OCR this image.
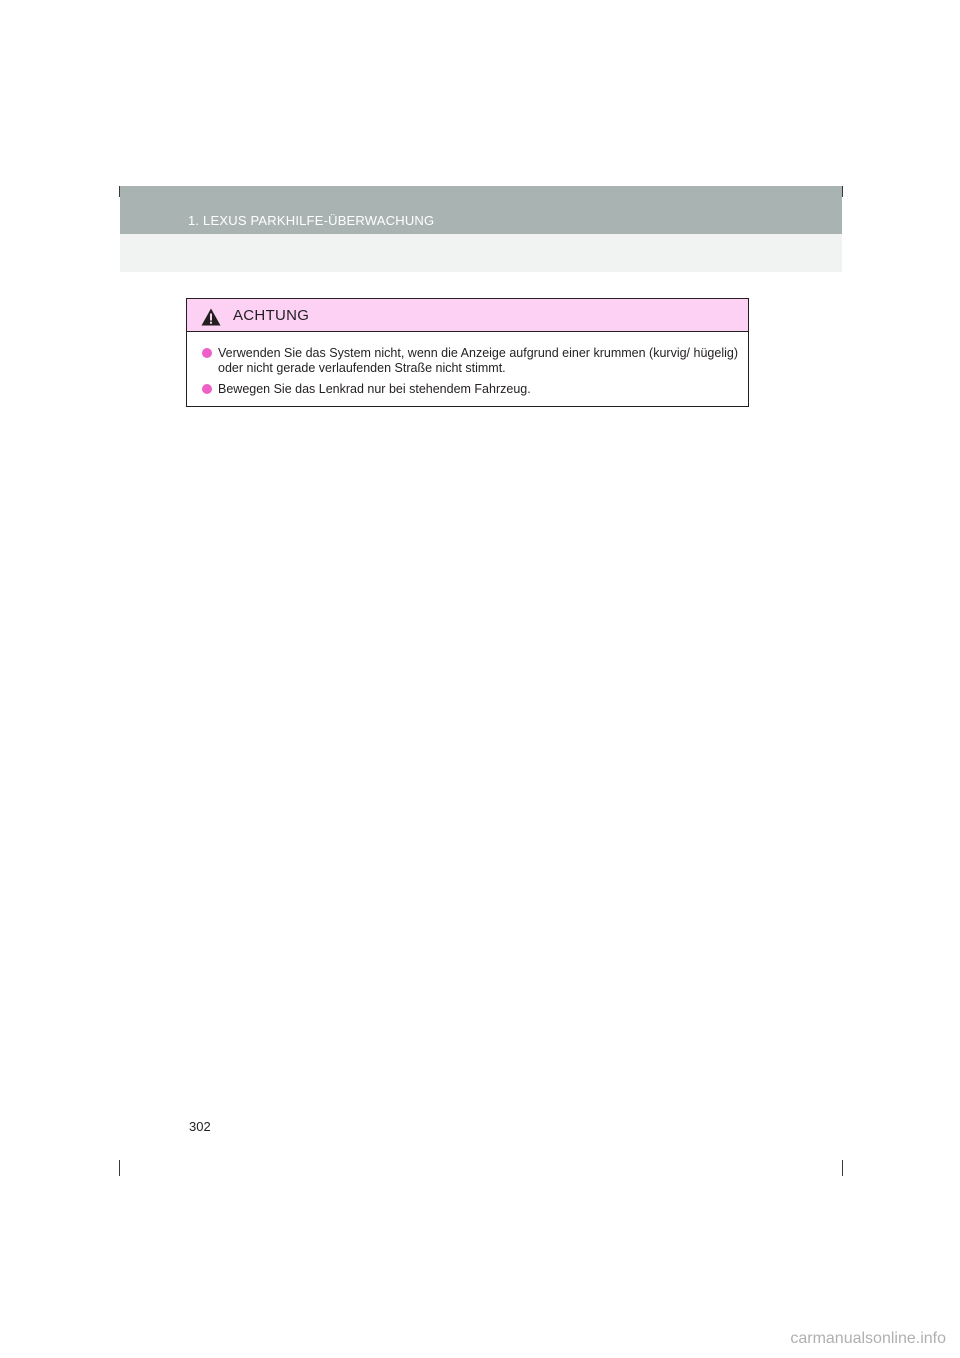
1. LEXUS PARKHILFE-ÜBERWACHUNG
ACHTUNG
Verwenden Sie das System nicht, wenn die Anzeige aufgrund einer krummen (kurvig/ hügelig) oder nicht gerade verlaufenden Straße nicht stimmt.
Bewegen Sie das Lenkrad nur bei stehendem Fahrzeug.
302
carmanualsonline.info
